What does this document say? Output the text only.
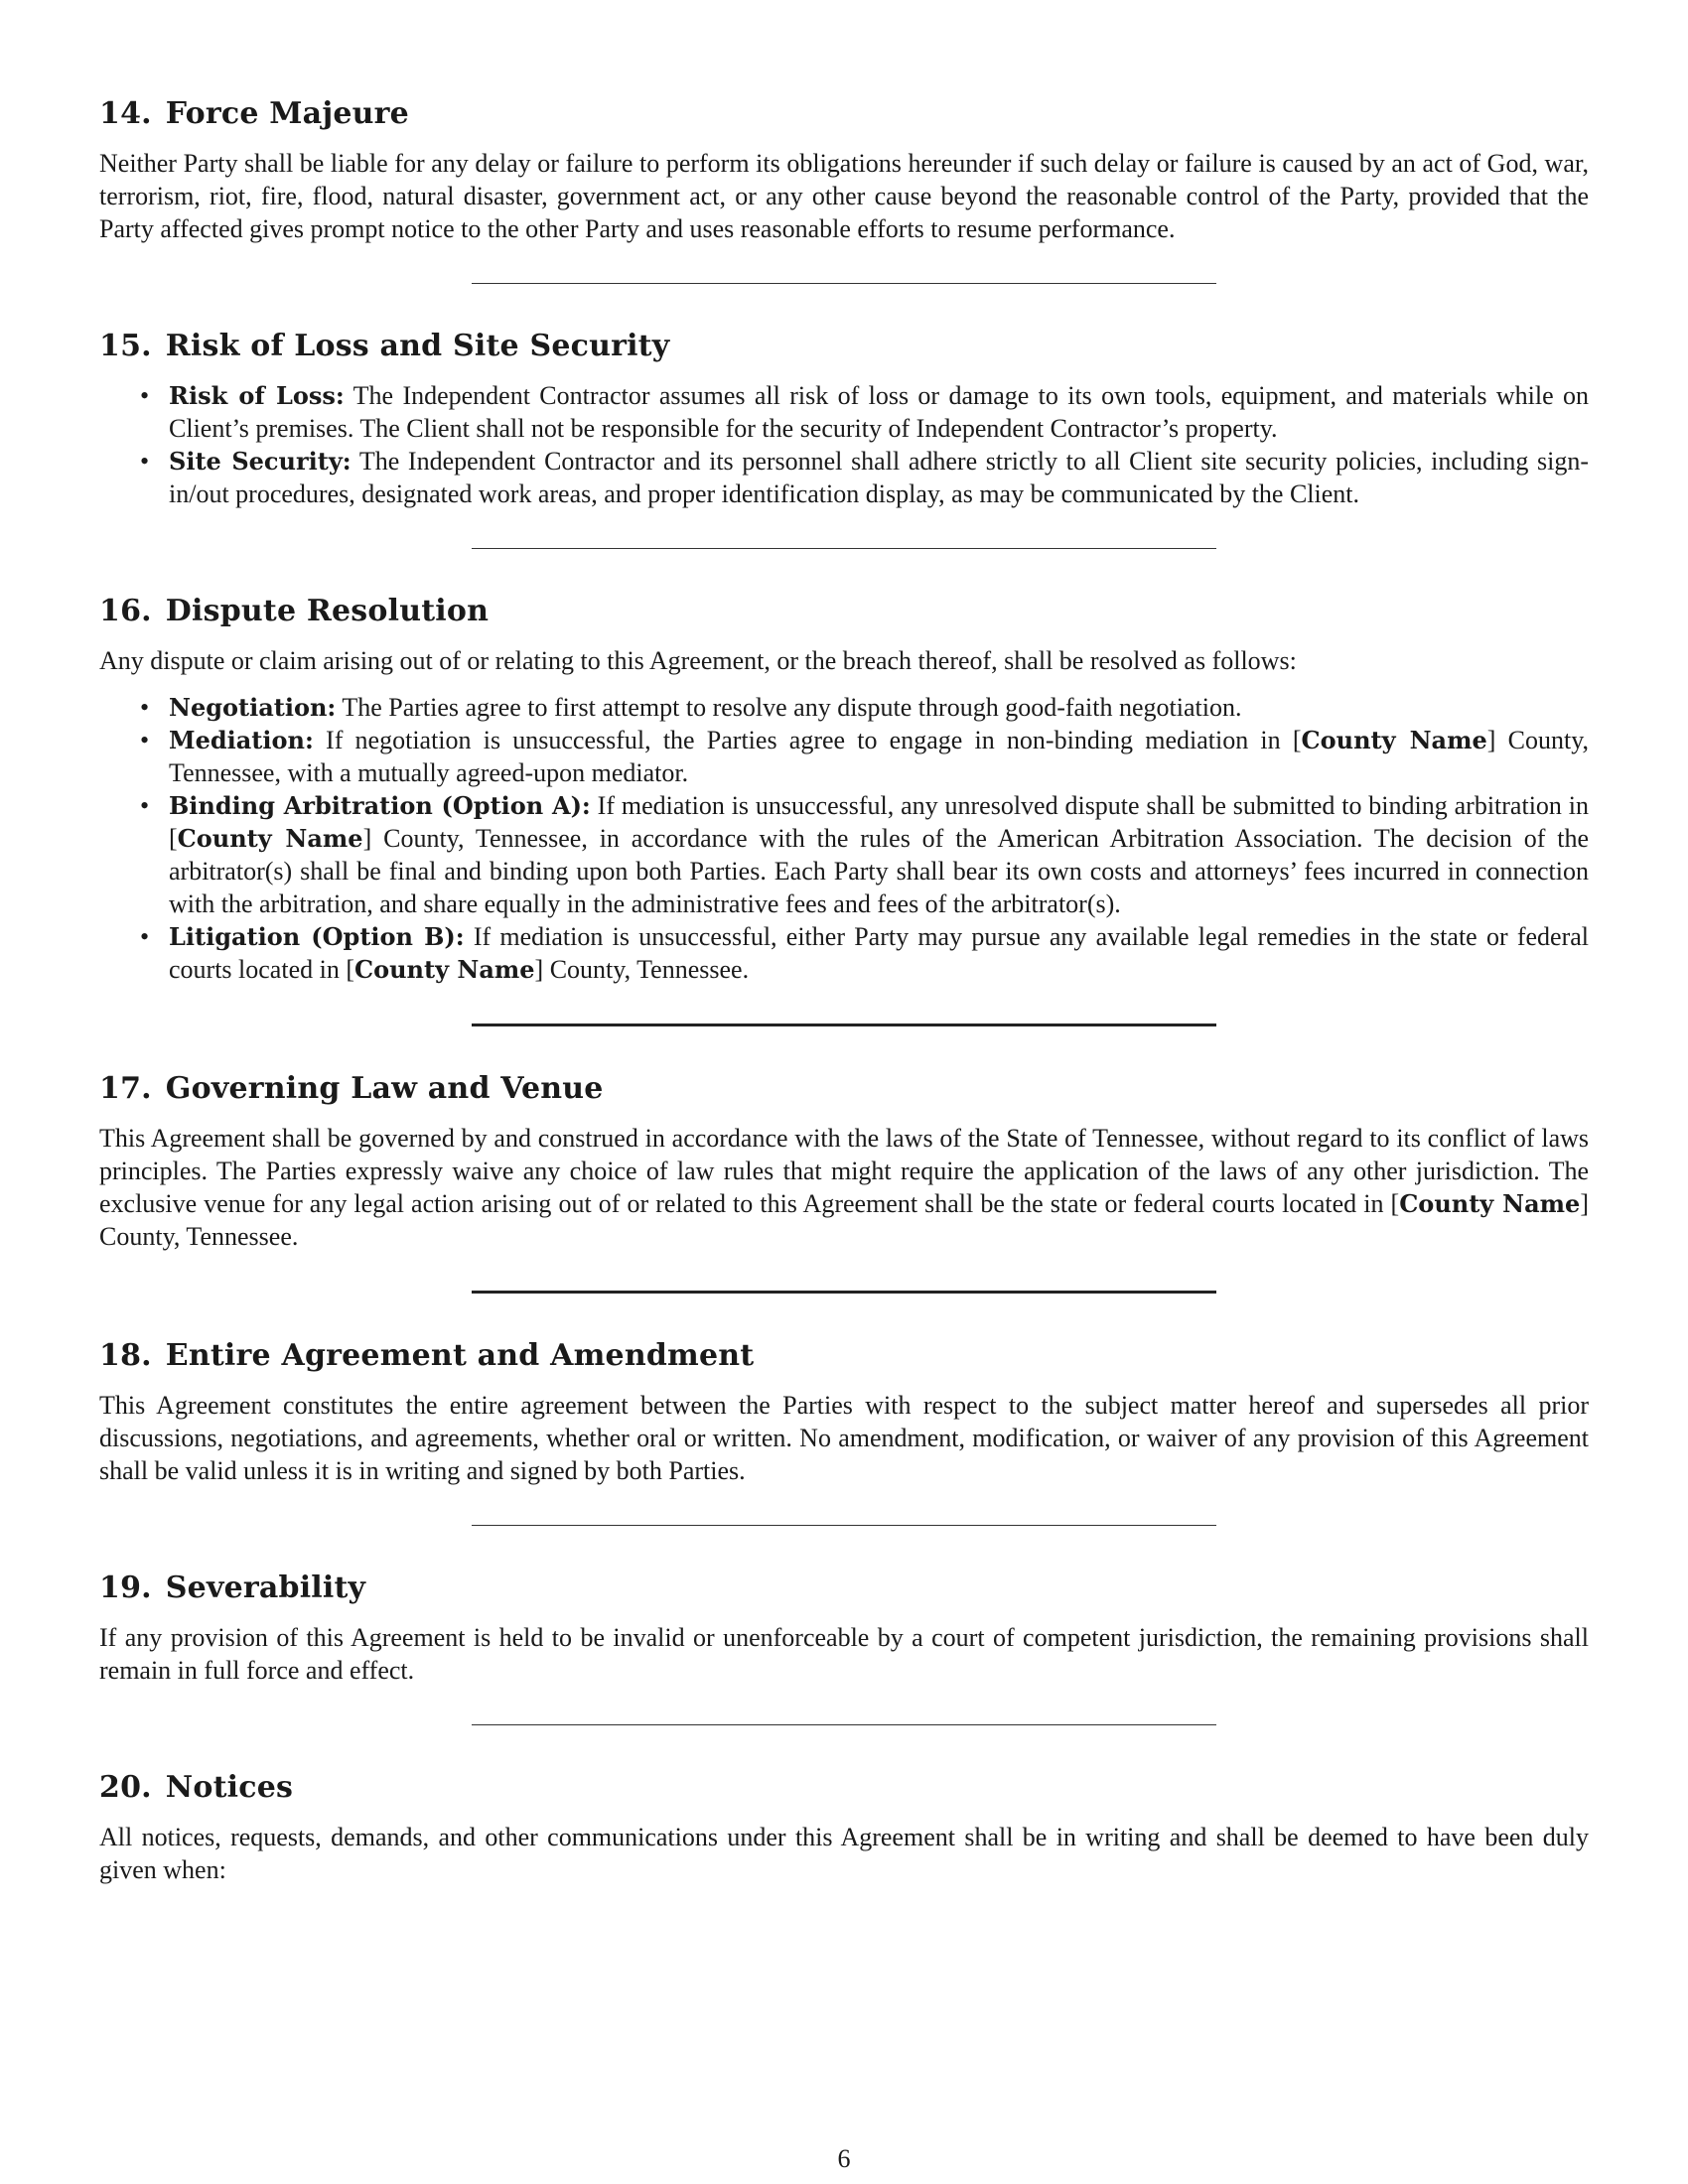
14. Force Majeure

Neither Party shall be liable for any delay or failure to perform its obligations hereunder if such delay or failure is caused by an act of God, war, terrorism, riot, fire, flood, natural disaster, government act, or any other cause beyond the reasonable control of the Party, provided that the Party affected gives prompt notice to the other Party and uses reasonable efforts to resume performance.

15. Risk of Loss and Site Security
• Risk of Loss: The Independent Contractor assumes all risk of loss or damage to its own tools, equipment, and materials while on Client’s premises. The Client shall not be responsible for the security of Independent Contractor’s property.
• Site Security: The Independent Contractor and its personnel shall adhere strictly to all Client site security policies, including sign-in/out procedures, designated work areas, and proper identification display, as may be communicated by the Client.
16. Dispute Resolution

Any dispute or claim arising out of or relating to this Agreement, or the breach thereof, shall be resolved as follows:

• Negotiation: The Parties agree to first attempt to resolve any dispute through good-faith negotiation.
• Mediation: If negotiation is unsuccessful, the Parties agree to engage in non-binding mediation in [County Name] County, Tennessee, with a mutually agreed-upon mediator.
• Binding Arbitration (Option A): If mediation is unsuccessful, any unresolved dispute shall be submitted to binding arbitration in [County Name] County, Tennessee, in accordance with the rules of the American Arbitration Association. The decision of the arbitrator(s) shall be final and binding upon both Parties. Each Party shall bear its own costs and attorneys’ fees incurred in connection with the arbitration, and share equally in the administrative fees and fees of the arbitrator(s).
• Litigation (Option B): If mediation is unsuccessful, either Party may pursue any available legal remedies in the state or federal courts located in [County Name] County, Tennessee.
17. Governing Law and Venue

This Agreement shall be governed by and construed in accordance with the laws of the State of Tennessee, without regard to its conflict of laws principles. The Parties expressly waive any choice of law rules that might require the application of the laws of any other jurisdiction. The exclusive venue for any legal action arising out of or related to this Agreement shall be the state or federal courts located in [County Name] County, Tennessee.

18. Entire Agreement and Amendment

This Agreement constitutes the entire agreement between the Parties with respect to the subject matter hereof and supersedes all prior discussions, negotiations, and agreements, whether oral or written. No amendment, modification, or waiver of any provision of this Agreement shall be valid unless it is in writing and signed by both Parties.

19. Severability

If any provision of this Agreement is held to be invalid or unenforceable by a court of competent jurisdiction, the remaining provisions shall remain in full force and effect.

20. Notices

All notices, requests, demands, and other communications under this Agreement shall be in writing and shall be deemed to have been duly given when:

6
